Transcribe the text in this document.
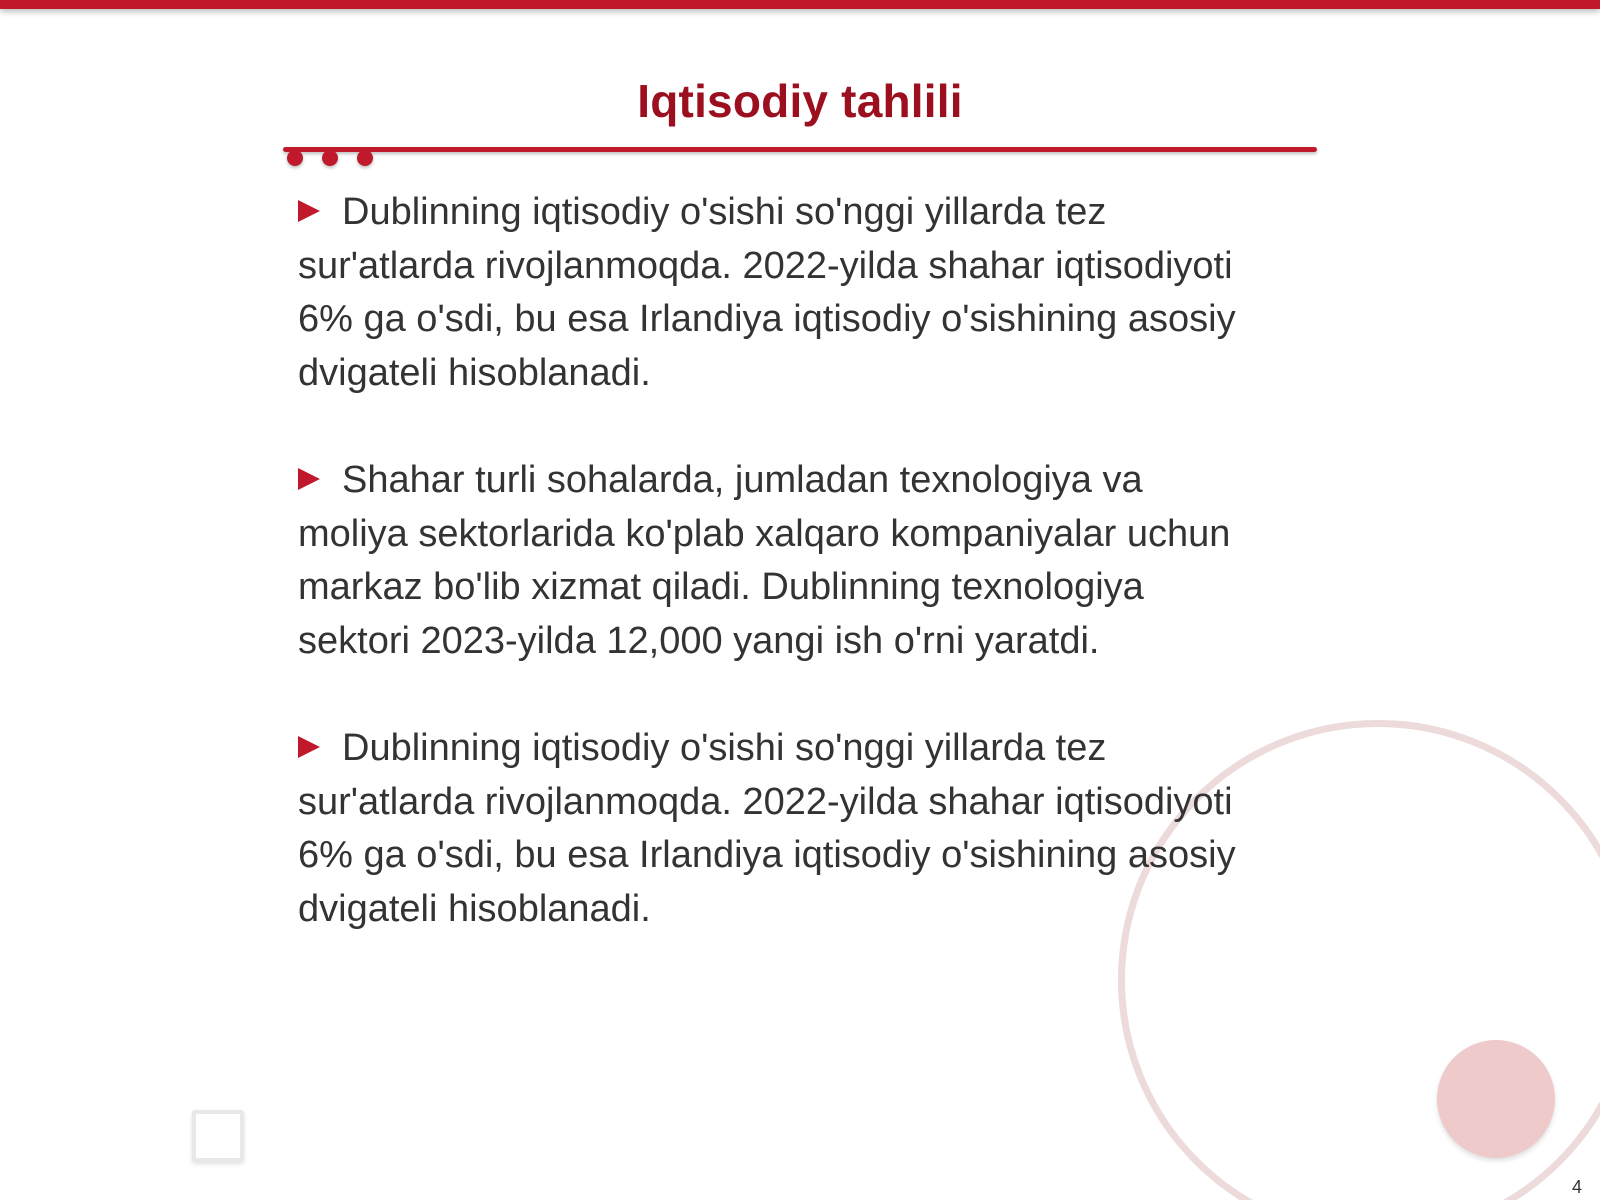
Iqtisodiy tahlili

Dublinning iqtisodiy o'sishi so'nggi yillarda tez sur'atlarda rivojlanmoqda. 2022-yilda shahar iqtisodiyoti 6% ga o'sdi, bu esa Irlandiya iqtisodiy o'sishining asosiy dvigateli hisoblanadi.

Shahar turli sohalarda, jumladan texnologiya va moliya sektorlarida ko'plab xalqaro kompaniyalar uchun markaz bo'lib xizmat qiladi. Dublinning texnologiya sektori 2023-yilda 12,000 yangi ish o'rni yaratdi.

Dublinning iqtisodiy o'sishi so'nggi yillarda tez sur'atlarda rivojlanmoqda. 2022-yilda shahar iqtisodiyoti 6% ga o'sdi, bu esa Irlandiya iqtisodiy o'sishining asosiy dvigateli hisoblanadi.

4
